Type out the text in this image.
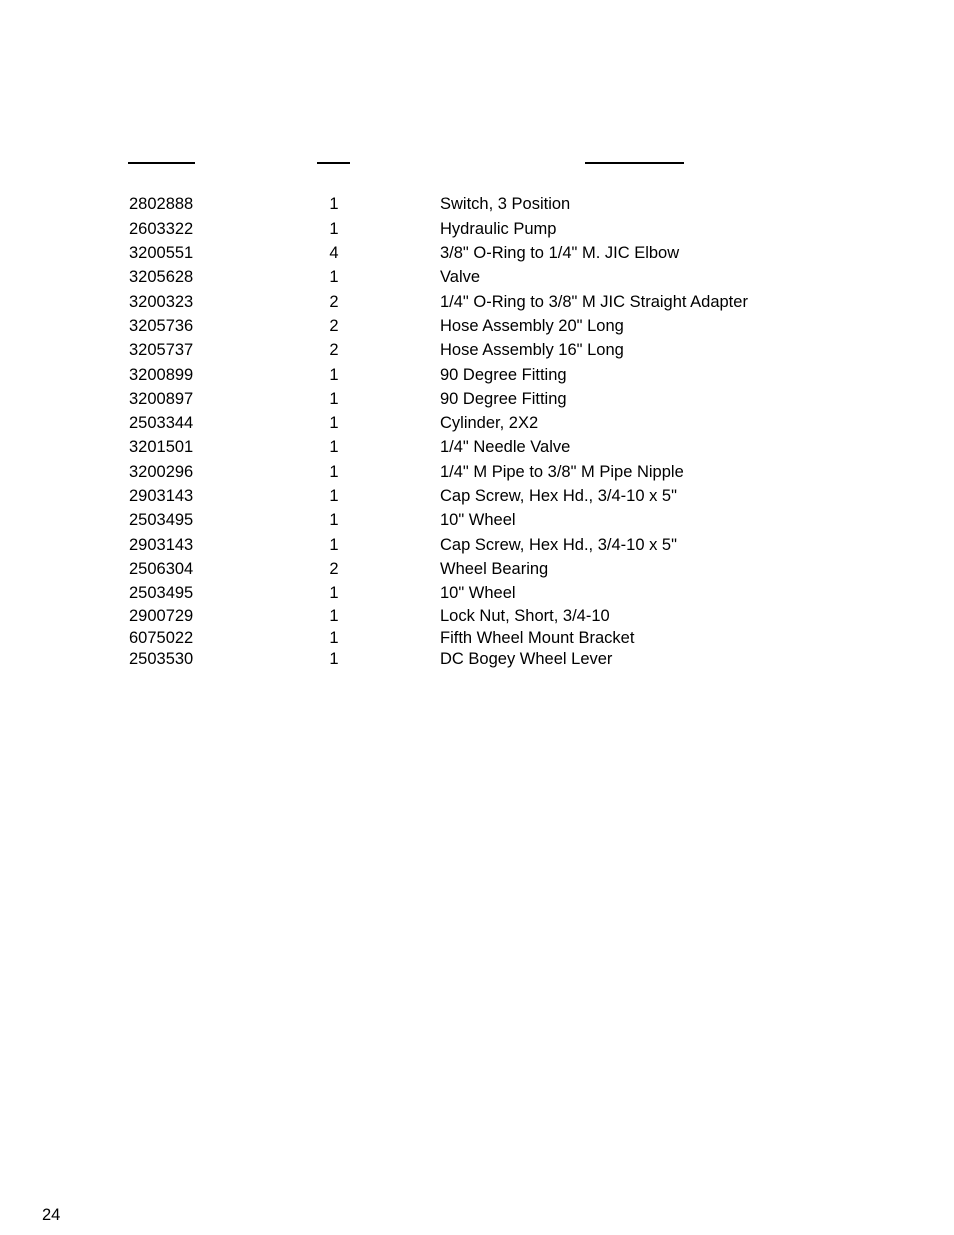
2802888	1	Switch, 3 Position
2603322	1	Hydraulic Pump
3200551	4	3/8" O-Ring to 1/4" M. JIC Elbow
3205628	1	Valve
3200323	2	1/4" O-Ring to 3/8" M JIC Straight Adapter
3205736	2	Hose Assembly 20" Long
3205737	2	Hose Assembly 16" Long
3200899	1	90 Degree Fitting
3200897	1	90 Degree Fitting
2503344	1	Cylinder, 2X2
3201501	1	1/4" Needle Valve
3200296	1	1/4" M Pipe to 3/8" M Pipe Nipple
2903143	1	Cap Screw, Hex Hd., 3/4-10 x 5"
2503495	1	10" Wheel
2903143	1	Cap Screw, Hex Hd., 3/4-10 x 5"
2506304	2	Wheel Bearing
2503495	1	10" Wheel
2900729	1	Lock Nut, Short, 3/4-10
6075022	1	Fifth Wheel Mount Bracket
2503530	1	DC Bogey Wheel Lever
24
